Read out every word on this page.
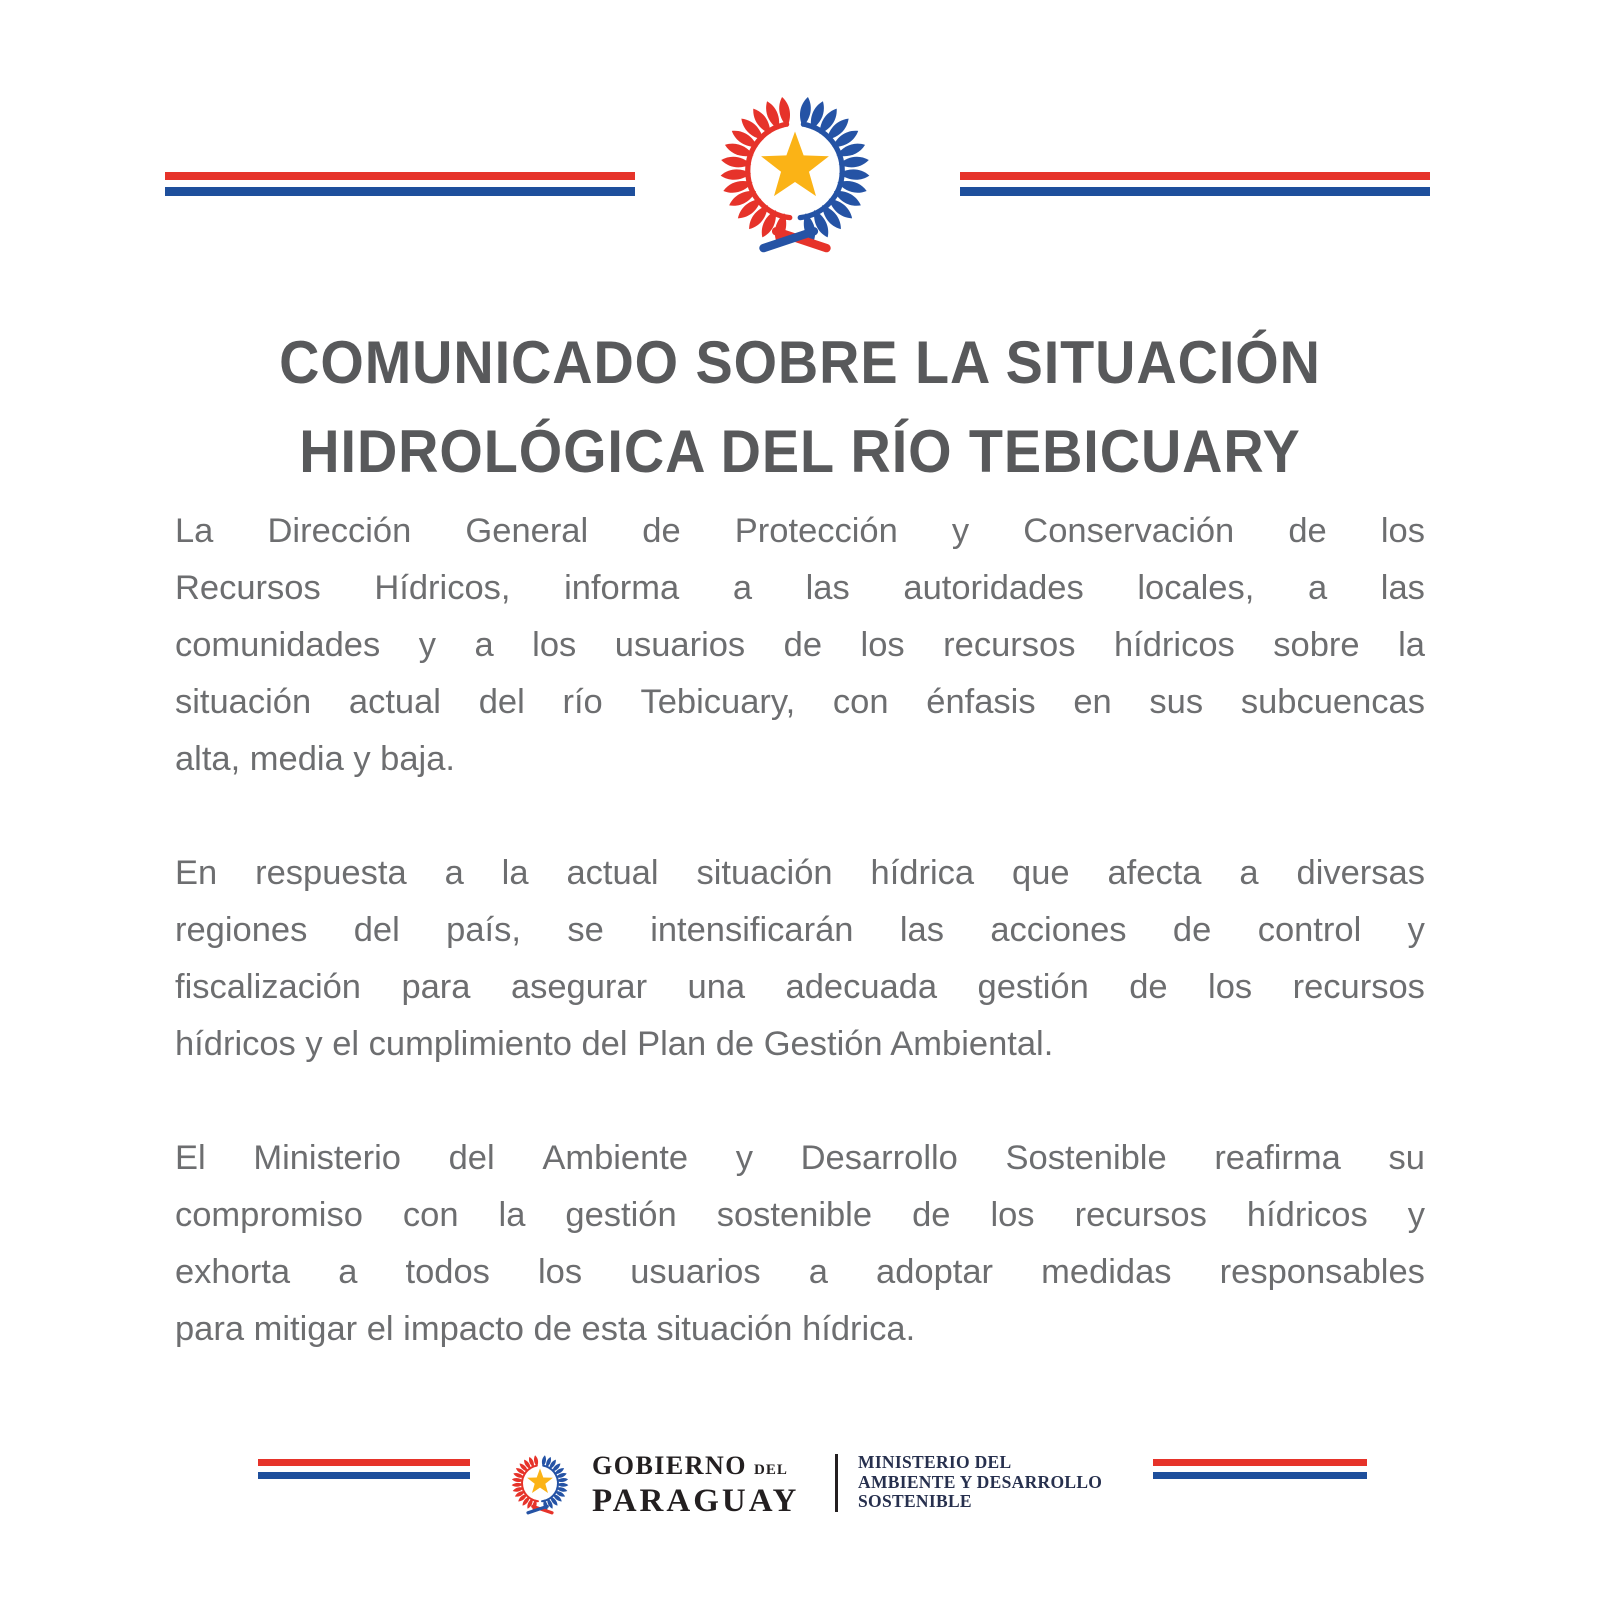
COMUNICADO SOBRE LA SITUACIÓN
HIDROLÓGICA DEL RÍO TEBICUARY
La Dirección General de Protección y Conservación de los
Recursos Hídricos, informa a las autoridades locales, a las
comunidades y a los usuarios de los recursos hídricos sobre la
situación actual del río Tebicuary, con énfasis en sus subcuencas
alta, media y baja.
En respuesta a la actual situación hídrica que afecta a diversas
regiones del país, se intensificarán las acciones de control y
fiscalización para asegurar una adecuada gestión de los recursos
hídricos y el cumplimiento del Plan de Gestión Ambiental.
El Ministerio del Ambiente y Desarrollo Sostenible reafirma su
compromiso con la gestión sostenible de los recursos hídricos y
exhorta a todos los usuarios a adoptar medidas responsables
para mitigar el impacto de esta situación hídrica.
GOBIERNO DEL
PARAGUAY
MINISTERIO DEL
AMBIENTE Y DESARROLLO
SOSTENIBLE
